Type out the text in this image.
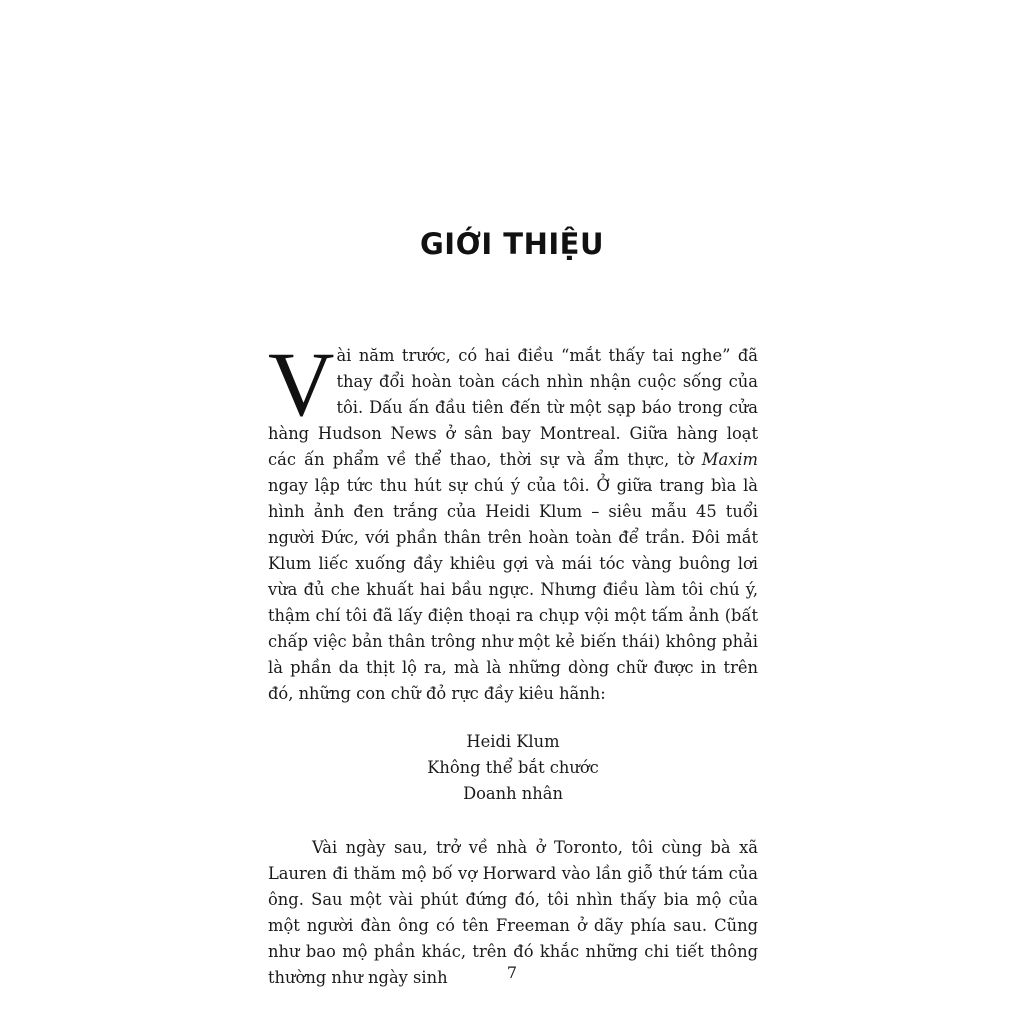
GIỚI THIỆU

Vài năm trước, có hai điều “mắt thấy tai nghe” đã thay đổi hoàn toàn cách nhìn nhận cuộc sống của tôi. Dấu ấn đầu tiên đến từ một sạp báo trong cửa hàng Hudson News ở sân bay Montreal. Giữa hàng loạt các ấn phẩm về thể thao, thời sự và ẩm thực, tờ Maxim ngay lập tức thu hút sự chú ý của tôi. Ở giữa trang bìa là hình ảnh đen trắng của Heidi Klum – siêu mẫu 45 tuổi người Đức, với phần thân trên hoàn toàn để trần. Đôi mắt Klum liếc xuống đầy khiêu gợi và mái tóc vàng buông lơi vừa đủ che khuất hai bầu ngực. Nhưng điều làm tôi chú ý, thậm chí tôi đã lấy điện thoại ra chụp vội một tấm ảnh (bất chấp việc bản thân trông như một kẻ biến thái) không phải là phần da thịt lộ ra, mà là những dòng chữ được in trên đó, những con chữ đỏ rực đầy kiêu hãnh:

Heidi Klum
Không thể bắt chước
Doanh nhân

Vài ngày sau, trở về nhà ở Toronto, tôi cùng bà xã Lauren đi thăm mộ bố vợ Horward vào lần giỗ thứ tám của ông. Sau một vài phút đứng đó, tôi nhìn thấy bia mộ của một người đàn ông có tên Freeman ở dãy phía sau. Cũng như bao mộ phần khác, trên đó khắc những chi tiết thông thường như ngày sinh	7
